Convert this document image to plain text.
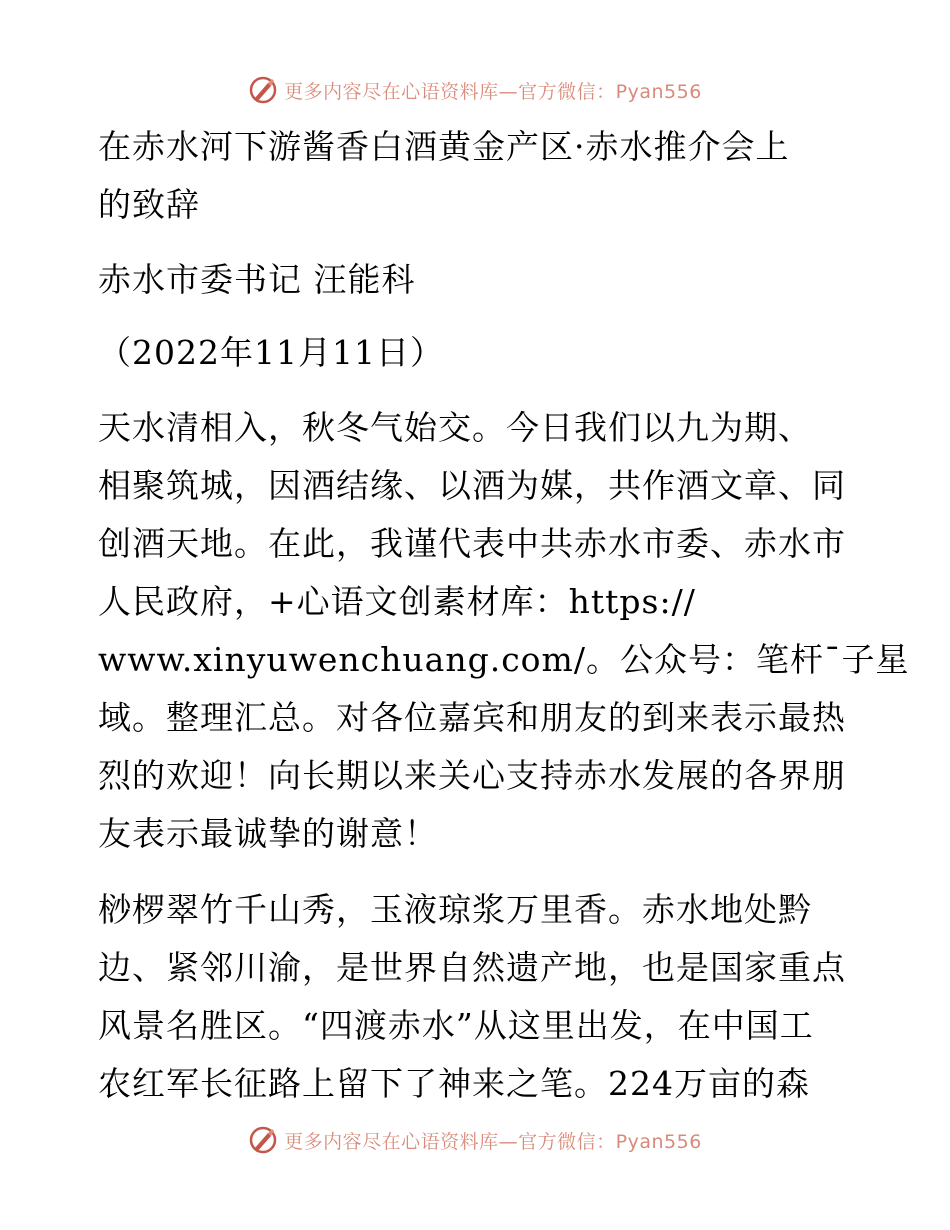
更多内容尽在心语资料库—官方微信：Pyan556
在赤水河下游酱香白酒黄金产区·赤水推介会上
的致辞
赤水市委书记 汪能科
（2022年11月11日）
天水清相入，秋冬气始交。今日我们以九为期、
相聚筑城，因酒结缘、以酒为媒，共作酒文章、同
创酒天地。在此，我谨代表中共赤水市委、赤水市
人民政府，+心语文创素材库：https://
www.xinyuwenchuang.com/。公众号：笔杆¯子星
域。整理汇总。对各位嘉宾和朋友的到来表示最热
烈的欢迎！向长期以来关心支持赤水发展的各界朋
友表示最诚挚的谢意！
桫椤翠竹千山秀，玉液琼浆万里香。赤水地处黔
边、紧邻川渝，是世界自然遗产地，也是国家重点
风景名胜区。“四渡赤水”从这里出发，在中国工
农红军长征路上留下了神来之笔。224万亩的森
更多内容尽在心语资料库—官方微信：Pyan556
